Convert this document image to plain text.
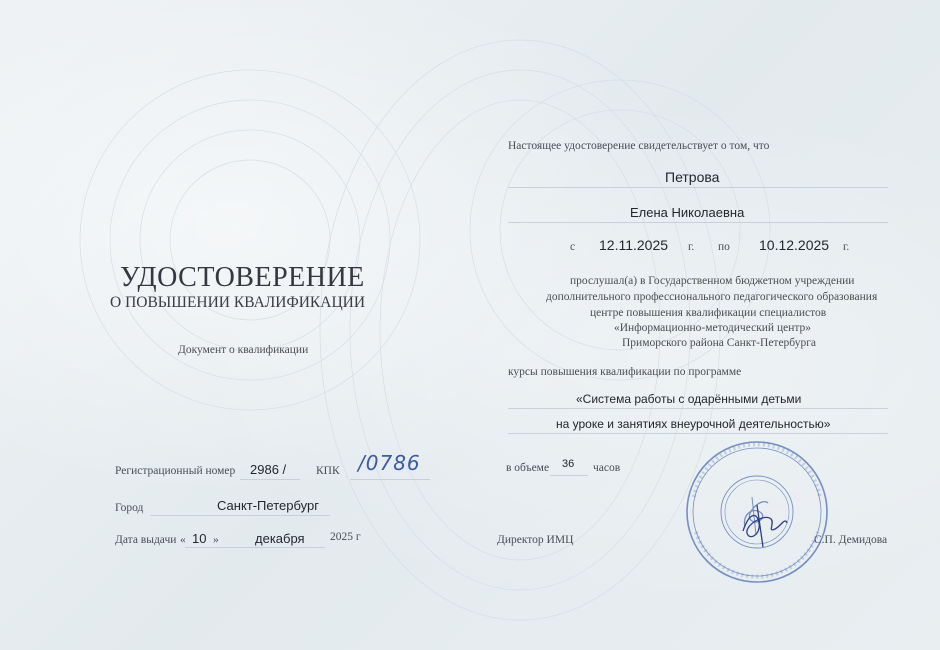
УДОСТОВЕРЕНИЕ
О ПОВЫШЕНИИ КВАЛИФИКАЦИИ
Документ о квалификации
Регистрационный номер 2986 /	КПК /0786
Город	Санкт-Петербург
Дата выдачи « 10 »	декабря 2025 г
Настоящее удостоверение свидетельствует о том, что
Петрова
Елена Николаевна
с 12.11.2025 г. по 10.12.2025 г.
прослушал(а) в Государственном бюджетном учреждении
дополнительного профессионального педагогического образования
центре повышения квалификации специалистов
«Информационно-методический центр»
Приморского района Санкт-Петербурга
курсы повышения квалификации по программе
«Система работы с одарёнными детьми
на уроке и занятиях внеурочной деятельностью»
в объеме 36 часов
Директор ИМЦ	С.П. Демидова
